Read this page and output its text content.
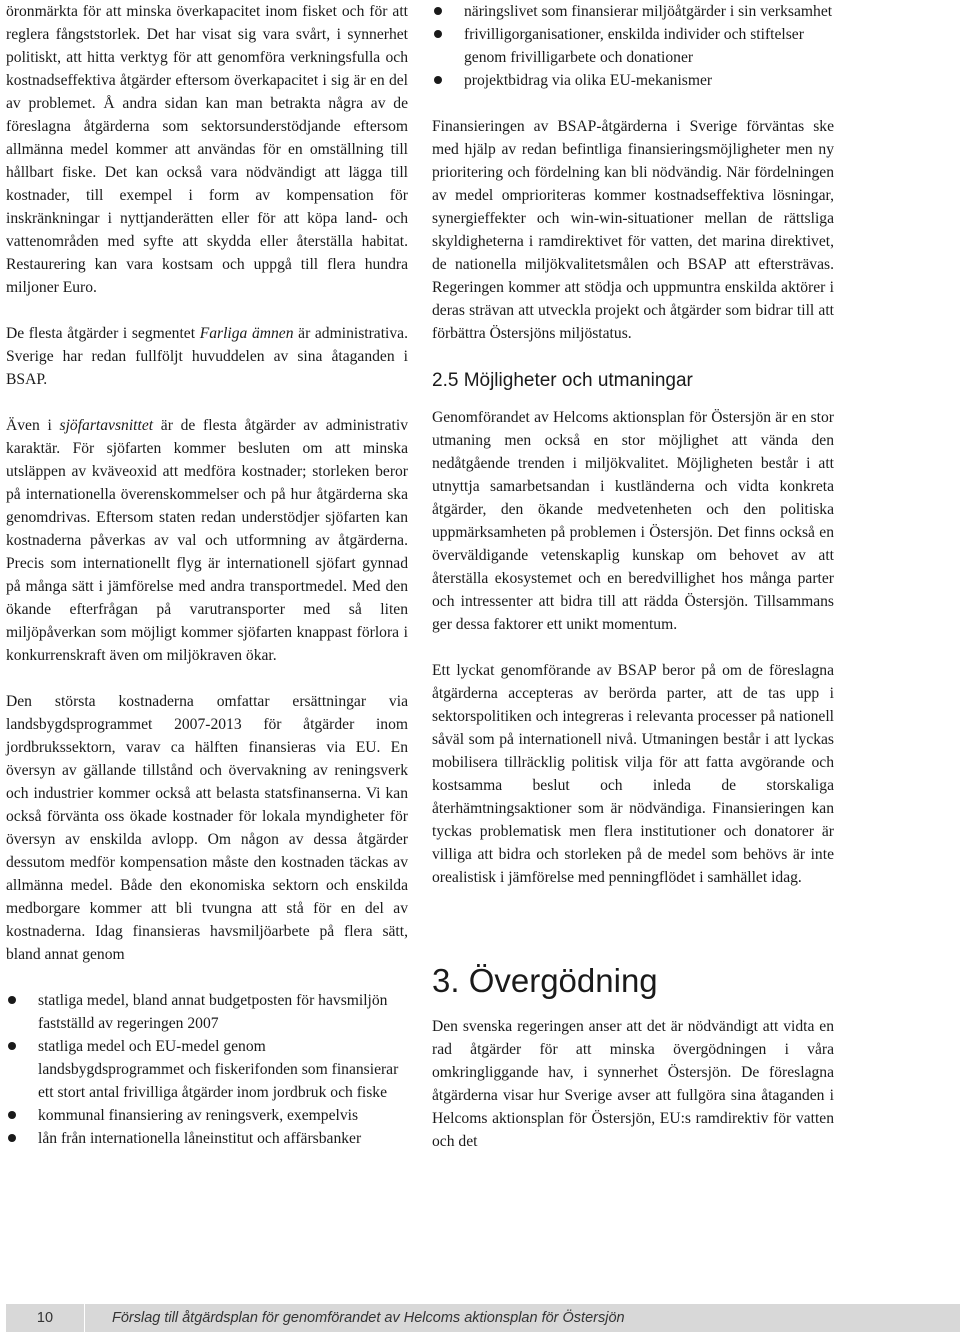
öronmärkta för att minska överkapacitet inom fisket och för att reglera fångststorlek. Det har visat sig vara svårt, i synnerhet politiskt, att hitta verktyg för att genomföra verkningsfulla och kostnadseffektiva åtgärder eftersom överkapacitet i sig är en del av problemet. Å andra sidan kan man betrakta några av de föreslagna åtgärderna som sektorsunderstödjande eftersom allmänna medel kommer att användas för en omställning till hållbart fiske. Det kan också vara nödvändigt att lägga till kostnader, till exempel i form av kompensation för inskränkningar i nyttjanderätten eller för att köpa land- och vattenområden med syfte att skydda eller återställa habitat. Restaurering kan vara kostsam och uppgå till flera hundra miljoner Euro.

De flesta åtgärder i segmentet Farliga ämnen är administrativa. Sverige har redan fullföljt huvuddelen av sina åtaganden i BSAP.

Även i sjöfartavsnittet är de flesta åtgärder av administrativ karaktär. För sjöfarten kommer besluten om att minska utsläppen av kväveoxid att medföra kostnader; storleken beror på internationella överenskommelser och på hur åtgärderna ska genomdrivas. Eftersom staten redan understödjer sjöfarten kan kostnaderna påverkas av val och utformning av åtgärderna. Precis som internationellt flyg är internationell sjöfart gynnad på många sätt i jämförelse med andra transportmedel. Med den ökande efterfrågan på varutransporter med så liten miljöpåverkan som möjligt kommer sjöfarten knappast förlora i konkurrenskraft även om miljökraven ökar.

Den största kostnaderna omfattar ersättningar via landsbygdsprogrammet 2007-2013 för åtgärder inom jordbrukssektorn, varav ca hälften finansieras via EU. En översyn av gällande tillstånd och övervakning av reningsverk och industrier kommer också att belasta statsfinanserna. Vi kan också förvänta oss ökade kostnader för lokala myndigheter för översyn av enskilda avlopp. Om någon av dessa åtgärder dessutom medför kompensation måste den kostnaden täckas av allmänna medel. Både den ekonomiska sektorn och enskilda medborgare kommer att bli tvungna att stå för en del av kostnaderna. Idag finansieras havsmiljöarbete på flera sätt, bland annat genom

statliga medel, bland annat budgetposten för havsmiljön fastställd av regeringen 2007
statliga medel och EU-medel genom landsbygdsprogrammet och fiskerifonden som finansierar ett stort antal frivilliga åtgärder inom jordbruk och fiske
kommunal finansiering av reningsverk, exempelvis
lån från internationella låneinstitut och affärsbanker
näringslivet som finansierar miljöåtgärder i sin verksamhet
frivilligorganisationer, enskilda individer och stiftelser genom frivilligarbete och donationer
projektbidrag via olika EU-mekanismer

Finansieringen av BSAP-åtgärderna i Sverige förväntas ske med hjälp av redan befintliga finansieringsmöjligheter men ny prioritering och fördelning kan bli nödvändig. När fördelningen av medel omprioriteras kommer kostnadseffektiva lösningar, synergieffekter och win-win-situationer mellan de rättsliga skyldigheterna i ramdirektivet för vatten, det marina direktivet, de nationella miljökvalitetsmålen och BSAP att eftersträvas. Regeringen kommer att stödja och uppmuntra enskilda aktörer i deras strävan att utveckla projekt och åtgärder som bidrar till att förbättra Östersjöns miljöstatus.

2.5 Möjligheter och utmaningar

Genomförandet av Helcoms aktionsplan för Östersjön är en stor utmaning men också en stor möjlighet att vända den nedåtgående trenden i miljökvalitet. Möjligheten består i att utnyttja samarbetsandan i kustländerna och vidta konkreta åtgärder, den ökande medvetenheten och den politiska uppmärksamheten på problemen i Östersjön. Det finns också en överväldigande vetenskaplig kunskap om behovet av att återställa ekosystemet och en beredvillighet hos många parter och intressenter att bidra till att rädda Östersjön. Tillsammans ger dessa faktorer ett unikt momentum.

Ett lyckat genomförande av BSAP beror på om de föreslagna åtgärderna accepteras av berörda parter, att de tas upp i sektorspolitiken och integreras i relevanta processer på nationell såväl som på internationell nivå. Utmaningen består i att lyckas mobilisera tillräcklig politisk vilja för att fatta avgörande och kostsamma beslut och inleda de storskaliga återhämtningsaktioner som är nödvändiga. Finansieringen kan tyckas problematisk men flera institutioner och donatorer är villiga att bidra och storleken på de medel som behövs är inte orealistisk i jämförelse med penningflödet i samhället idag.

3. Övergödning

Den svenska regeringen anser att det är nödvändigt att vidta en rad åtgärder för att minska övergödningen i våra omkringliggande hav, i synnerhet Östersjön. De föreslagna åtgärderna visar hur Sverige avser att fullgöra sina åtaganden i Helcoms aktionsplan för Östersjön, EU:s ramdirektiv för vatten och det

10	Förslag till åtgärdsplan för genomförandet av Helcoms aktionsplan för Östersjön
